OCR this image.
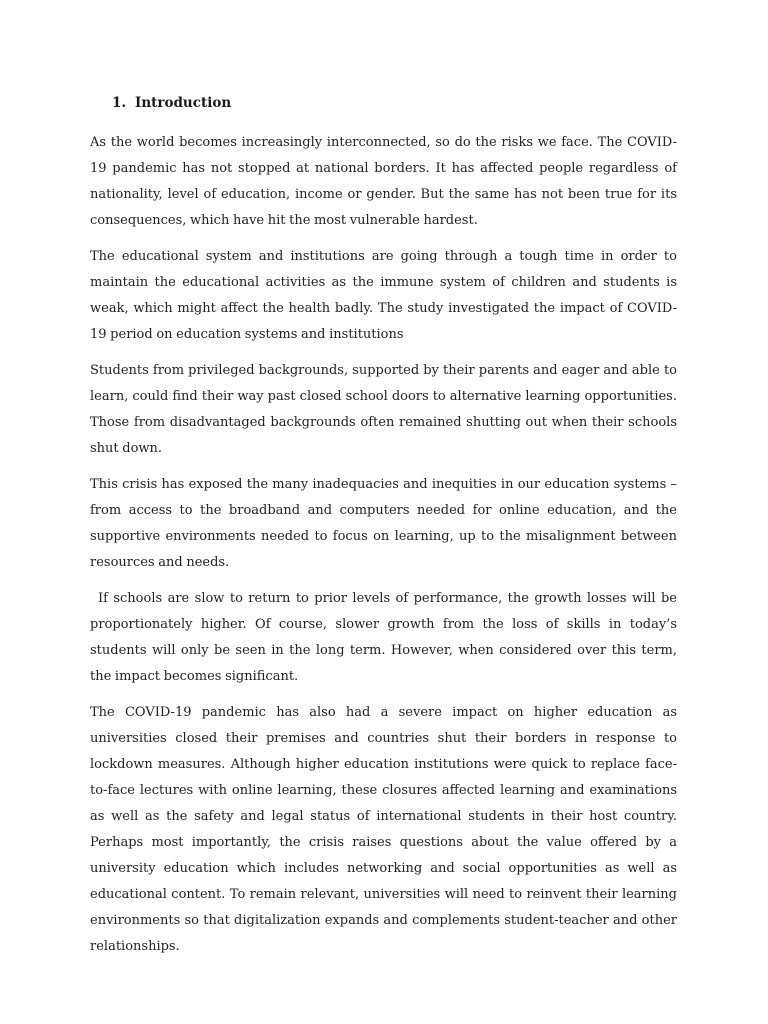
1. Introduction

As the world becomes increasingly interconnected, so do the risks we face. The COVID-19 pandemic has not stopped at national borders. It has affected people regardless of nationality, level of education, income or gender. But the same has not been true for its consequences, which have hit the most vulnerable hardest.

The educational system and institutions are going through a tough time in order to maintain the educational activities as the immune system of children and students is weak, which might affect the health badly. The study investigated the impact of COVID-19 period on education systems and institutions

Students from privileged backgrounds, supported by their parents and eager and able to learn, could find their way past closed school doors to alternative learning opportunities. Those from disadvantaged backgrounds often remained shutting out when their schools shut down.

This crisis has exposed the many inadequacies and inequities in our education systems – from access to the broadband and computers needed for online education, and the supportive environments needed to focus on learning, up to the misalignment between resources and needs.

If schools are slow to return to prior levels of performance, the growth losses will be proportionately higher. Of course, slower growth from the loss of skills in today’s students will only be seen in the long term. However, when considered over this term, the impact becomes significant.

The COVID-19 pandemic has also had a severe impact on higher education as universities closed their premises and countries shut their borders in response to lockdown measures. Although higher education institutions were quick to replace face-to-face lectures with online learning, these closures affected learning and examinations as well as the safety and legal status of international students in their host country. Perhaps most importantly, the crisis raises questions about the value offered by a university education which includes networking and social opportunities as well as educational content. To remain relevant, universities will need to reinvent their learning environments so that digitalization expands and complements student-teacher and other relationships.
